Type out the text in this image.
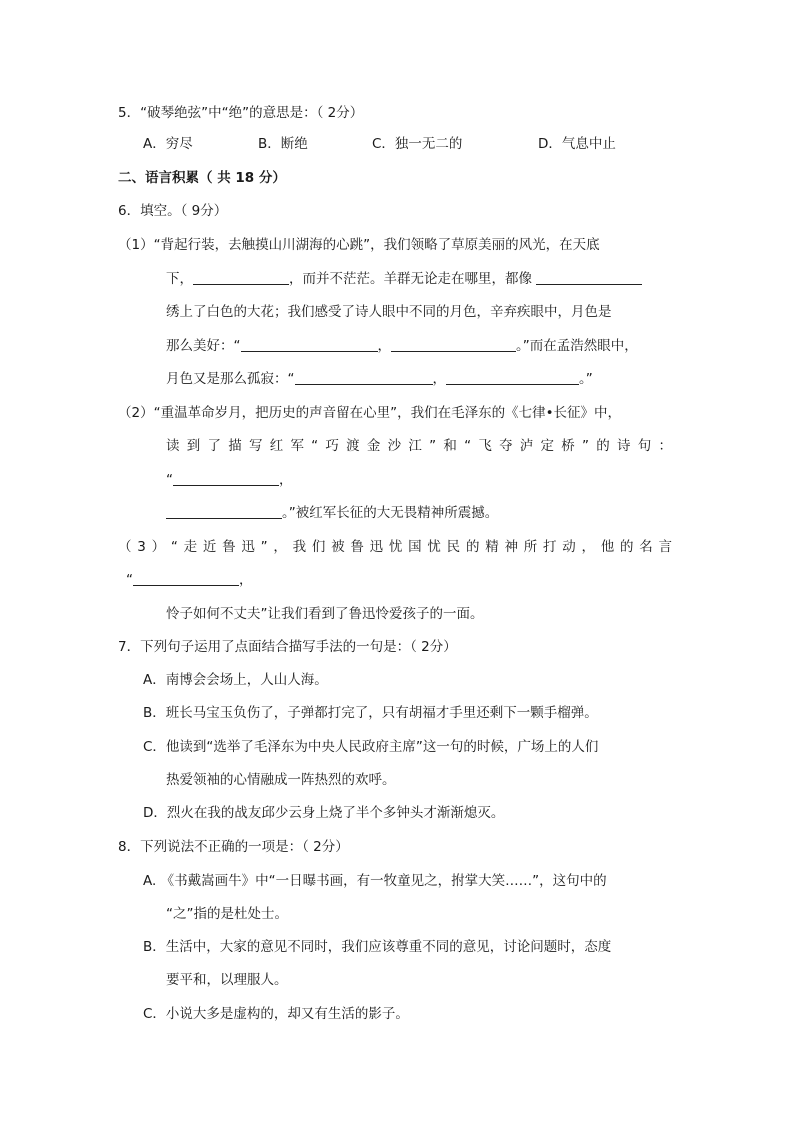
5．“破琴绝弦”中“绝”的意思是：（ 2分）
A．穷尽	B．断绝	C．独一无二的	D．气息中止
二、语言积累（ 共 18 分）
6．填空。（ 9分）
（1）“背起行装，去触摸山川湖海的心跳”，我们领略了草原美丽的风光，在天底
下，	，而并不茫茫。羊群无论走在哪里，都像
绣上了白色的大花；我们感受了诗人眼中不同的月色，辛弃疾眼中，月色是
那么美好：“	，	。”而在孟浩然眼中，
月色又是那么孤寂：“	，	。”
（2）“重温革命岁月，把历史的声音留在心里”，我们在毛泽东的《七律•长征》中，
读到了描写红军“巧渡金沙江”和“飞夺泸定桥”的诗句：
“	，
。”被红军长征的大无畏精神所震撼。
（3）“走近鲁迅”，我们被鲁迅忧国忧民的精神所打动，他的名言
“	，
怜子如何不丈夫”让我们看到了鲁迅怜爱孩子的一面。
7．下列句子运用了点面结合描写手法的一句是：（ 2分）
A．南博会会场上，人山人海。
B．班长马宝玉负伤了，子弹都打完了，只有胡福才手里还剩下一颗手榴弹。
C．他读到“选举了毛泽东为中央人民政府主席”这一句的时候，广场上的人们
热爱领袖的心情融成一阵热烈的欢呼。
D．烈火在我的战友邱少云身上烧了半个多钟头才渐渐熄灭。
8．下列说法不正确的一项是：（ 2分）
A. 《书戴嵩画牛》中“一日曝书画，有一牧童见之，拊掌大笑……”，这句中的
“之”指的是杜处士。
B．生活中，大家的意见不同时，我们应该尊重不同的意见，讨论问题时，态度
要平和，以理服人。
C．小说大多是虚构的，却又有生活的影子。
